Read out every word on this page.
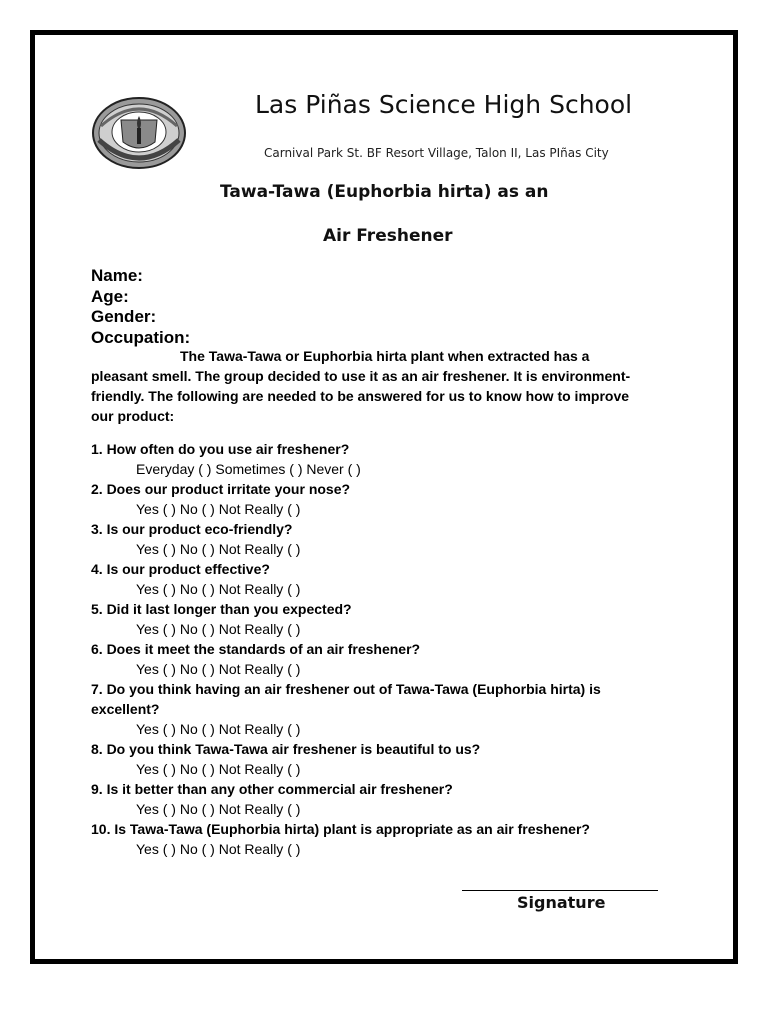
Las Piñas Science High School
Carnival Park St. BF Resort Village, Talon II, Las PIñas City
Tawa-Tawa (Euphorbia hirta) as an
Air Freshener
Name:
Age:
Gender:
Occupation:
The Tawa-Tawa or Euphorbia hirta plant when extracted has a
pleasant smell. The group decided to use it as an air freshener. It is environment-
friendly. The following are needed to be answered for us to know how to improve
our product:
1. How often do you use air freshener?
Everyday ( ) Sometimes ( ) Never ( )
2. Does our product irritate your nose?
Yes ( ) No ( ) Not Really ( )
3. Is our product eco-friendly?
Yes ( ) No ( ) Not Really ( )
4. Is our product effective?
Yes ( ) No ( ) Not Really ( )
5. Did it last longer than you expected?
Yes ( ) No ( ) Not Really ( )
6. Does it meet the standards of an air freshener?
Yes ( ) No ( ) Not Really ( )
7. Do you think having an air freshener out of Tawa-Tawa (Euphorbia hirta) is
excellent?
Yes ( ) No ( ) Not Really ( )
8. Do you think Tawa-Tawa air freshener is beautiful to us?
Yes ( ) No ( ) Not Really ( )
9. Is it better than any other commercial air freshener?
Yes ( ) No ( ) Not Really ( )
10. Is Tawa-Tawa (Euphorbia hirta) plant is appropriate as an air freshener?
Yes ( ) No ( ) Not Really ( )
Signature
